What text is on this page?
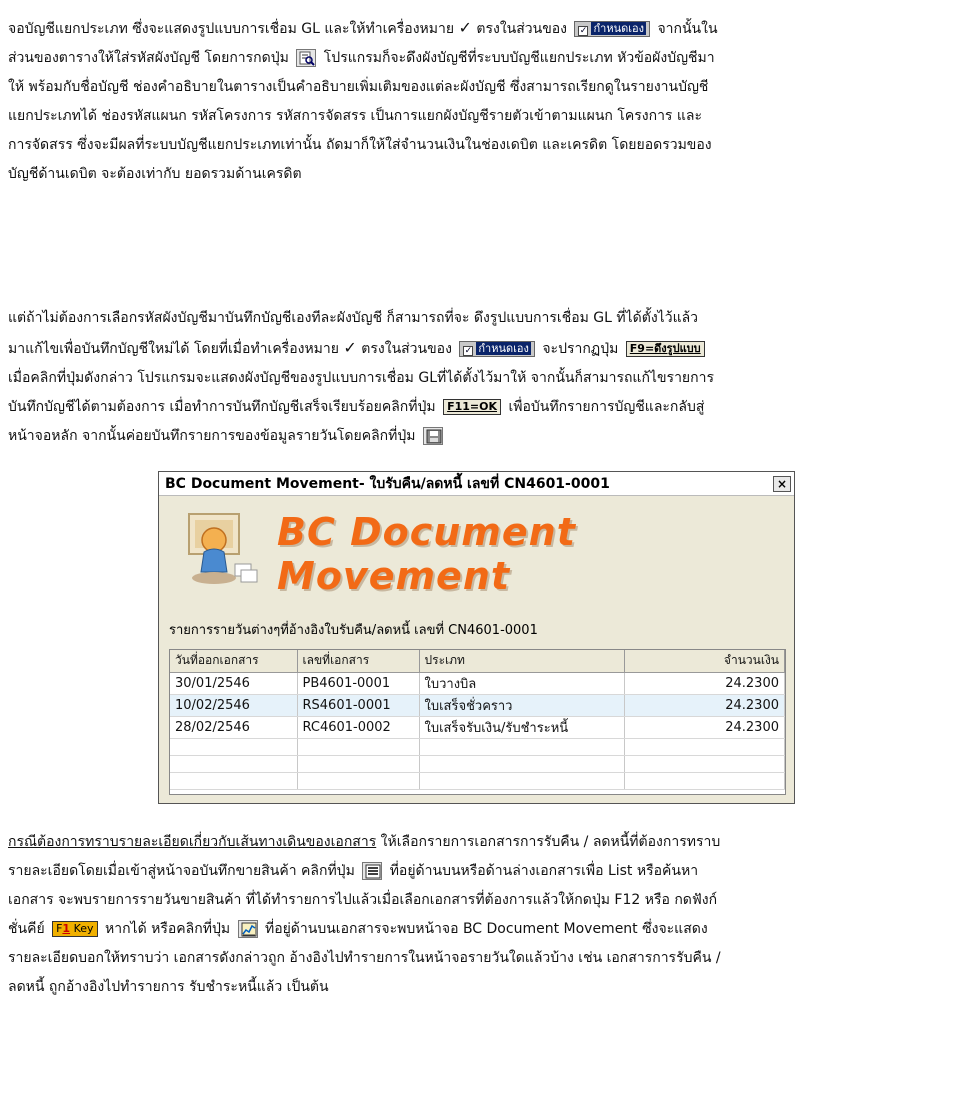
จอบัญชีแยกประเภท ซึ่งจะแสดงรูปแบบการเชื่อม GL และให้ทำเครื่องหมาย ✓ ตรงในส่วนของ ✓ กำหนดเอง จากนั้นใน

ส่วนของตารางให้ใส่รหัสผังบัญชี โดยการกดปุ่ม โปรแกรมก็จะดึงผังบัญชีที่ระบบบัญชีแยกประเภท หัวข้อผังบัญชีมา

ให้ พร้อมกับชื่อบัญชี ช่องคำอธิบายในตารางเป็นคำอธิบายเพิ่มเติมของแต่ละผังบัญชี ซึ่งสามารถเรียกดูในรายงานบัญชี

แยกประเภทได้ ช่องรหัสแผนก รหัสโครงการ รหัสการจัดสรร เป็นการแยกผังบัญชีรายตัวเข้าตามแผนก โครงการ และ

การจัดสรร ซึ่งจะมีผลที่ระบบบัญชีแยกประเภทเท่านั้น ถัดมาก็ให้ใส่จำนวนเงินในช่องเดบิต และเครดิต โดยยอดรวมของ

บัญชีด้านเดบิต จะต้องเท่ากับ ยอดรวมด้านเครดิต

แต่ถ้าไม่ต้องการเลือกรหัสผังบัญชีมาบันทึกบัญชีเองทีละผังบัญชี ก็สามารถที่จะ ดึงรูปแบบการเชื่อม GL ที่ได้ตั้งไว้แล้ว

มาแก้ไขเพื่อบันทึกบัญชีใหม่ได้ โดยที่เมื่อทำเครื่องหมาย ✓ ตรงในส่วนของ ✓ กำหนดเอง จะปรากฏปุ่ม F9=ดึงรูปแบบ

เมื่อคลิกที่ปุ่มดังกล่าว โปรแกรมจะแสดงผังบัญชีของรูปแบบการเชื่อม GLที่ได้ตั้งไว้มาให้ จากนั้นก็สามารถแก้ไขรายการ

บันทึกบัญชีได้ตามต้องการ เมื่อทำการบันทึกบัญชีเสร็จเรียบร้อยคลิกที่ปุ่ม F11=OK เพื่อบันทึกรายการบัญชีและกลับสู่

หน้าจอหลัก จากนั้นค่อยบันทึกรายการของข้อมูลรายวันโดยคลิกที่ปุ่ม

BC Document Movement- ใบรับคืน/ลดหนี้ เลขที่ CN4601-0001	×
BC Document Movement
รายการรายวันต่างๆที่อ้างอิงใบรับคืน/ลดหนี้ เลขที่ CN4601-0001
วันที่ออกเอกสาร	เลขที่เอกสาร	ประเภท	จำนวนเงิน
30/01/2546	PB4601-0001	ใบวางบิล	24.2300
10/02/2546	RS4601-0001	ใบเสร็จชั่วคราว	24.2300
28/02/2546	RC4601-0002	ใบเสร็จรับเงิน/รับชำระหนี้	24.2300

กรณีต้องการทราบรายละเอียดเกี่ยวกับเส้นทางเดินของเอกสาร ให้เลือกรายการเอกสารการรับคืน / ลดหนี้ที่ต้องการทราบ

รายละเอียดโดยเมื่อเข้าสู่หน้าจอบันทึกขายสินค้า คลิกที่ปุ่ม ที่อยู่ด้านบนหรือด้านล่างเอกสารเพื่อ List หรือค้นหา

เอกสาร จะพบรายการรายวันขายสินค้า ที่ได้ทำรายการไปแล้วเมื่อเลือกเอกสารที่ต้องการแล้วให้กดปุ่ม F12 หรือ กดฟังก์

ชั่นคีย์ F1 Key หากได้ หรือคลิกที่ปุ่ม ที่อยู่ด้านบนเอกสารจะพบหน้าจอ BC Document Movement ซึ่งจะแสดง

รายละเอียดบอกให้ทราบว่า เอกสารดังกล่าวถูก อ้างอิงไปทำรายการในหน้าจอรายวันใดแล้วบ้าง เช่น เอกสารการรับคืน /

ลดหนี้ ถูกอ้างอิงไปทำรายการ รับชำระหนี้แล้ว เป็นต้น
